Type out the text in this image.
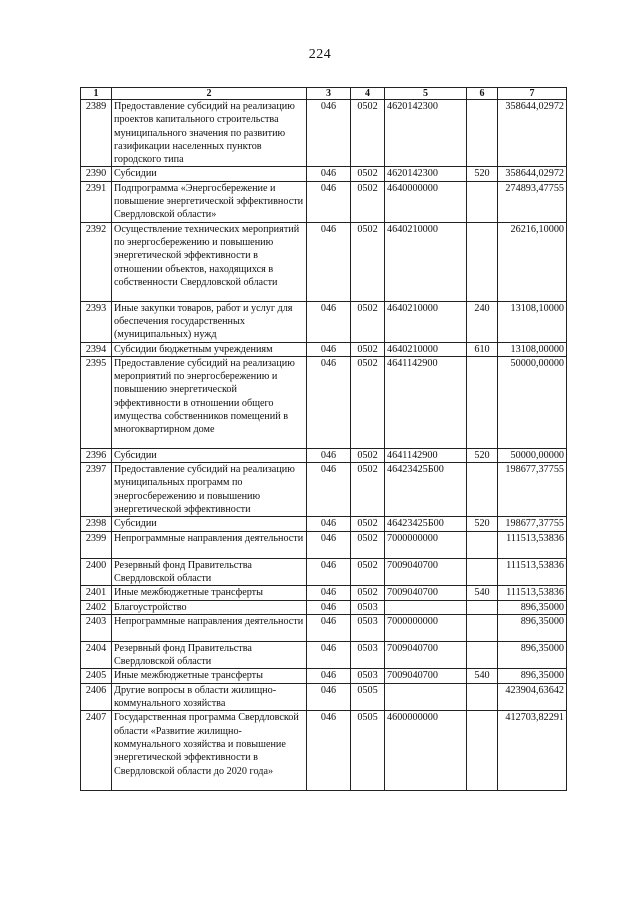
224
1	2	3	4	5	6	7
2389	Предоставление субсидий на реализацию проектов капитального строительства муниципального значения по развитию газификации населенных пунктов городского типа	046	0502	4620142300		358644,02972
2390	Субсидии	046	0502	4620142300	520	358644,02972
2391	Подпрограмма «Энергосбережение и повышение энергетической эффективности Свердловской области»	046	0502	4640000000		274893,47755
2392	Осуществление технических мероприятий по энергосбережению и повышению энергетической эффективности в отношении объектов, находящихся в собственности Свердловской области	046	0502	4640210000		26216,10000
2393	Иные закупки товаров, работ и услуг для обеспечения государственных (муниципальных) нужд	046	0502	4640210000	240	13108,10000
2394	Субсидии бюджетным учреждениям	046	0502	4640210000	610	13108,00000
2395	Предоставление субсидий на реализацию мероприятий по энергосбережению и повышению энергетической эффективности в отношении общего имущества собственников помещений в многоквартирном доме	046	0502	4641142900		50000,00000
2396	Субсидии	046	0502	4641142900	520	50000,00000
2397	Предоставление субсидий на реализацию муниципальных программ по энергосбережению и повышению энергетической эффективности	046	0502	46423425Б00		198677,37755
2398	Субсидии	046	0502	46423425Б00	520	198677,37755
2399	Непрограммные направления деятельности	046	0502	7000000000		111513,53836
2400	Резервный фонд Правительства Свердловской области	046	0502	7009040700		111513,53836
2401	Иные межбюджетные трансферты	046	0502	7009040700	540	111513,53836
2402	Благоустройство	046	0503			896,35000
2403	Непрограммные направления деятельности	046	0503	7000000000		896,35000
2404	Резервный фонд Правительства Свердловской области	046	0503	7009040700		896,35000
2405	Иные межбюджетные трансферты	046	0503	7009040700	540	896,35000
2406	Другие вопросы в области жилищно-коммунального хозяйства	046	0505			423904,63642
2407	Государственная программа Свердловской области «Развитие жилищно-коммунального хозяйства и повышение энергетической эффективности в Свердловской области до 2020 года»	046	0505	4600000000		412703,82291
